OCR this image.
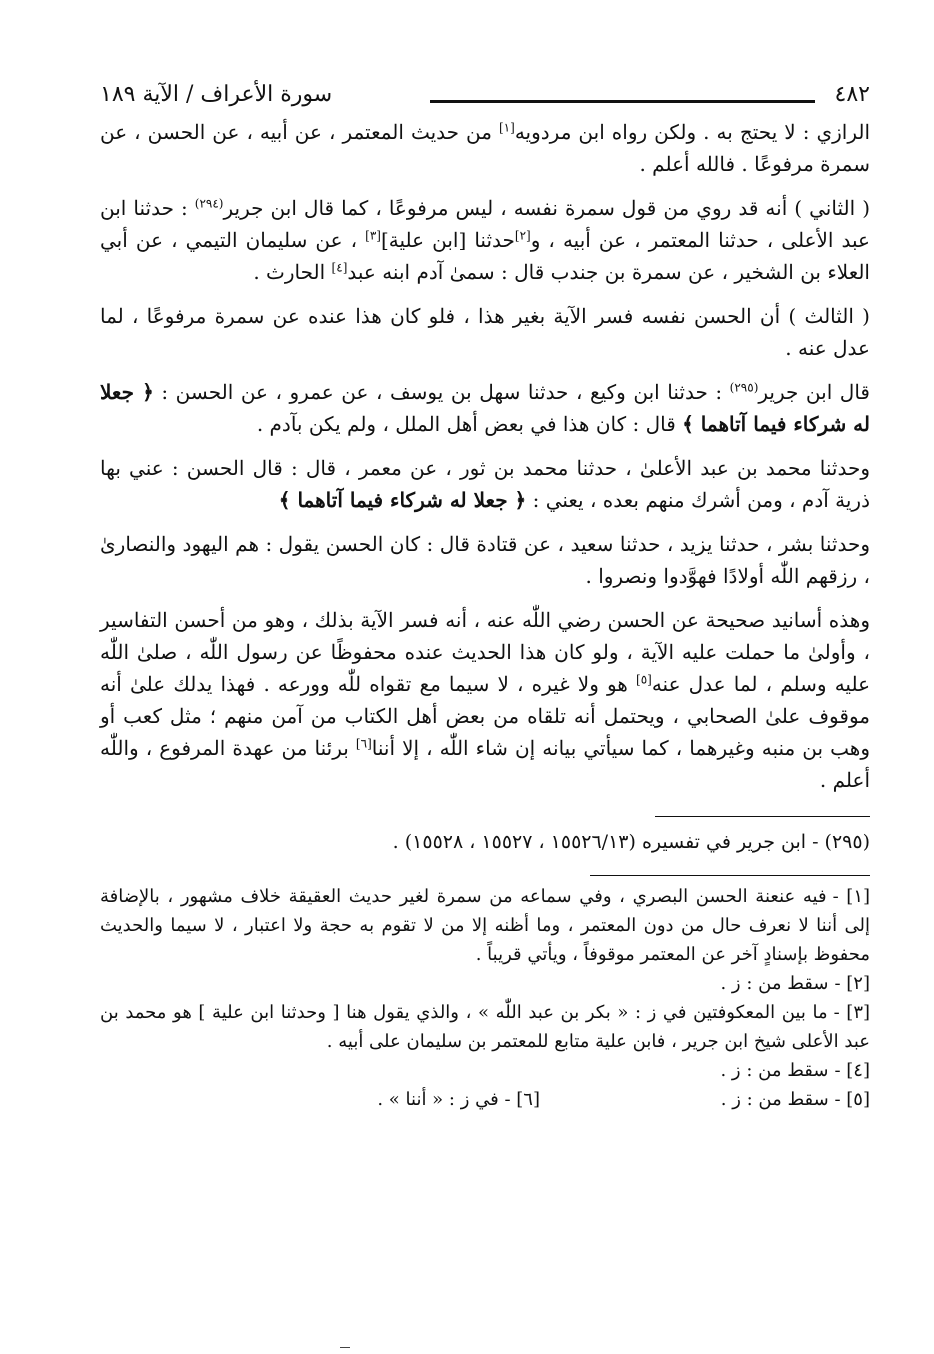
٤٨٢
سورة الأعراف / الآية ١٨٩

الرازي : لا يحتج به . ولكن رواه ابن مردويه[١] من حديث المعتمر ، عن أبيه ، عن الحسن ، عن سمرة مرفوعًا . فالله أعلم .

( الثاني ) أنه قد روي من قول سمرة نفسه ، ليس مرفوعًا ، كما قال ابن جرير$^{(٢٩٤)}$ : حدثنا ابن عبد الأعلى ، حدثنا المعتمر ، عن أبيه ، و[٢]حدثنا [ابن علية][٣] ، عن سليمان التيمي ، عن أبي العلاء بن الشخير ، عن سمرة بن جندب قال : سمىٰ آدم ابنه عبد[٤] الحارث .

( الثالث ) أن الحسن نفسه فسر الآية بغير هذا ، فلو كان هذا عنده عن سمرة مرفوعًا ، لما عدل عنه .

قال ابن جرير$^{(٢٩٥)}$ : حدثنا ابن وكيع ، حدثنا سهل بن يوسف ، عن عمرو ، عن الحسن : ﴿ جعلا له شركاء فيما آتاهما ﴾ قال : كان هذا في بعض أهل الملل ، ولم يكن بآدم .

وحدثنا محمد بن عبد الأعلىٰ ، حدثنا محمد بن ثور ، عن معمر ، قال : قال الحسن : عني بها ذرية آدم ، ومن أشرك منهم بعده ، يعني : ﴿ جعلا له شركاء فيما آتاهما ﴾

وحدثنا بشر ، حدثنا يزيد ، حدثنا سعيد ، عن قتادة قال : كان الحسن يقول : هم اليهود والنصارىٰ ، رزقهم اللّٰه أولادًا فهوَّدوا ونصروا .

وهذه أسانيد صحيحة عن الحسن رضي اللّٰه عنه ، أنه فسر الآية بذلك ، وهو من أحسن التفاسير ، وأولىٰ ما حملت عليه الآية ، ولو كان هذا الحديث عنده محفوظًا عن رسول اللّٰه ، صلىٰ اللّٰه عليه وسلم ، لما عدل عنه[٥] هو ولا غيره ، لا سيما مع تقواه للّٰه وورعه . فهذا يدلك علىٰ أنه موقوف علىٰ الصحابي ، ويحتمل أنه تلقاه من بعض أهل الكتاب من آمن منهم ؛ مثل كعب أو وهب بن منبه وغيرهما ، كما سيأتي بيانه إن شاء اللّٰه ، إلا أننا[٦] برئنا من عهدة المرفوع ، واللّٰه أعلم .

(٢٩٥) - ابن جرير في تفسيره (١٥٥٢٦/١٣ ، ١٥٥٢٧ ، ١٥٥٢٨) .

[١] -فيه عنعنة الحسن البصري ، وفي سماعه من سمرة لغير حديث العقيقة خلاف مشهور ، بالإضافة إلى أننا لا نعرف حال من دون المعتمر ، وما أظنه إلا من لا تقوم به حجة ولا اعتبار ، لا سيما والحديث محفوظ بإسنادٍ آخر عن المعتمر موقوفاً ، ويأتي قريباً .

[٢] -سقط من : ز .

[٣] -ما بين المعكوفتين في ز : « بكر بن عبد اللّٰه » ، والذي يقول هنا [ وحدثنا ابن علية ] هو محمد بن عبد الأعلى شيخ ابن جرير ، فابن علية متابع للمعتمر بن سليمان على أبيه .

[٤] -سقط من : ز .

[٥] - سقط من : ز .
[٦] - في ز : « أننا » .
